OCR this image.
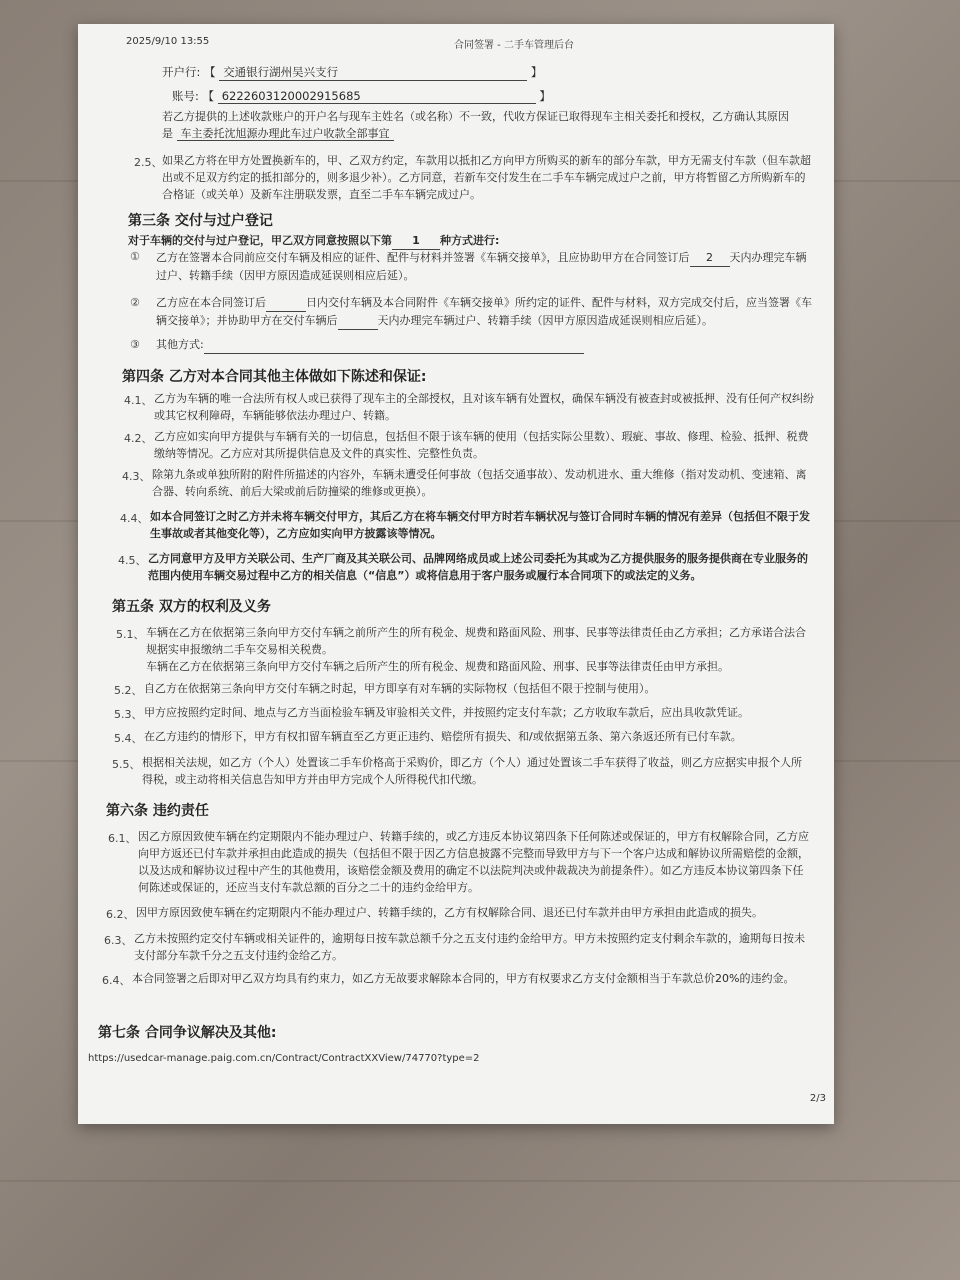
2025/9/10 13:55	合同签署 - 二手车管理后台
开户行: 【 交通银行湖州吴兴支行	】
账号: 【 6222603120002915685	】
若乙方提供的上述收款账户的开户名与现车主姓名（或名称）不一致，代收方保证已取得现车主相关委托和授权，乙方确认其原因
是 车主委托沈旭源办理此车过户收款全部事宜
2.5、 如果乙方将在甲方处置换新车的，甲、乙双方约定，车款用以抵扣乙方向甲方所购买的新车的部分车款，甲方无需支付车款（但车款超出或不足双方约定的抵扣部分的，则多退少补）。乙方同意，若新车交付发生在二手车车辆完成过户之前，甲方将暂留乙方所购新车的合格证（或关单）及新车注册联发票，直至二手车车辆完成过户。
第三条 交付与过户登记
对于车辆的交付与过户登记，甲乙双方同意按照以下第 1 种方式进行:
① 乙方在签署本合同前应交付车辆及相应的证件、配件与材料并签署《车辆交接单》，且应协助甲方在合同签订后 2 天内办理完车辆过户、转籍手续（因甲方原因造成延误则相应后延）。
② 乙方应在本合同签订后	日内交付车辆及本合同附件《车辆交接单》所约定的证件、配件与材料，双方完成交付后，应当签署《车辆交接单》；并协助甲方在交付车辆后	天内办理完车辆过户、转籍手续（因甲方原因造成延误则相应后延）。
③ 其他方式:
第四条 乙方对本合同其他主体做如下陈述和保证:
4.1、 乙方为车辆的唯一合法所有权人或已获得了现车主的全部授权，且对该车辆有处置权，确保车辆没有被查封或被抵押、没有任何产权纠纷或其它权利障碍，车辆能够依法办理过户、转籍。
4.2、 乙方应如实向甲方提供与车辆有关的一切信息，包括但不限于该车辆的使用（包括实际公里数）、瑕疵、事故、修理、检验、抵押、税费缴纳等情况。乙方应对其所提供信息及文件的真实性、完整性负责。
4.3、 除第九条或单独所附的附件所描述的内容外，车辆未遭受任何事故（包括交通事故）、发动机进水、重大维修（指对发动机、变速箱、离合器、转向系统、前后大梁或前后防撞梁的维修或更换）。
4.4、 如本合同签订之时乙方并未将车辆交付甲方，其后乙方在将车辆交付甲方时若车辆状况与签订合同时车辆的情况有差异（包括但不限于发生事故或者其他变化等），乙方应如实向甲方披露该等情况。
4.5、 乙方同意甲方及甲方关联公司、生产厂商及其关联公司、品牌网络成员或上述公司委托为其或为乙方提供服务的服务提供商在专业服务的范围内使用车辆交易过程中乙方的相关信息（“信息”）或将信息用于客户服务或履行本合同项下的或法定的义务。
第五条 双方的权利及义务
5.1、 车辆在乙方在依据第三条向甲方交付车辆之前所产生的所有税金、规费和路面风险、刑事、民事等法律责任由乙方承担；乙方承诺合法合规据实申报缴纳二手车交易相关税费。
车辆在乙方在依据第三条向甲方交付车辆之后所产生的所有税金、规费和路面风险、刑事、民事等法律责任由甲方承担。
5.2、 自乙方在依据第三条向甲方交付车辆之时起，甲方即享有对车辆的实际物权（包括但不限于控制与使用）。
5.3、 甲方应按照约定时间、地点与乙方当面检验车辆及审验相关文件，并按照约定支付车款；乙方收取车款后，应出具收款凭证。
5.4、 在乙方违约的情形下，甲方有权扣留车辆直至乙方更正违约、赔偿所有损失、和/或依据第五条、第六条返还所有已付车款。
5.5、 根据相关法规，如乙方（个人）处置该二手车价格高于采购价，即乙方（个人）通过处置该二手车获得了收益，则乙方应据实申报个人所得税，或主动将相关信息告知甲方并由甲方完成个人所得税代扣代缴。
第六条 违约责任
6.1、 因乙方原因致使车辆在约定期限内不能办理过户、转籍手续的，或乙方违反本协议第四条下任何陈述或保证的，甲方有权解除合同，乙方应向甲方返还已付车款并承担由此造成的损失（包括但不限于因乙方信息披露不完整而导致甲方与下一个客户达成和解协议所需赔偿的金额，以及达成和解协议过程中产生的其他费用，该赔偿金额及费用的确定不以法院判决或仲裁裁决为前提条件）。如乙方违反本协议第四条下任何陈述或保证的，还应当支付车款总额的百分之二十的违约金给甲方。
6.2、 因甲方原因致使车辆在约定期限内不能办理过户、转籍手续的，乙方有权解除合同、退还已付车款并由甲方承担由此造成的损失。
6.3、 乙方未按照约定交付车辆或相关证件的，逾期每日按车款总额千分之五支付违约金给甲方。甲方未按照约定支付剩余车款的，逾期每日按未支付部分车款千分之五支付违约金给乙方。
6.4、 本合同签署之后即对甲乙双方均具有约束力，如乙方无故要求解除本合同的，甲方有权要求乙方支付金额相当于车款总价20%的违约金。
第七条 合同争议解决及其他:
https://usedcar-manage.paig.com.cn/Contract/ContractXXView/74770?type=2
2/3
